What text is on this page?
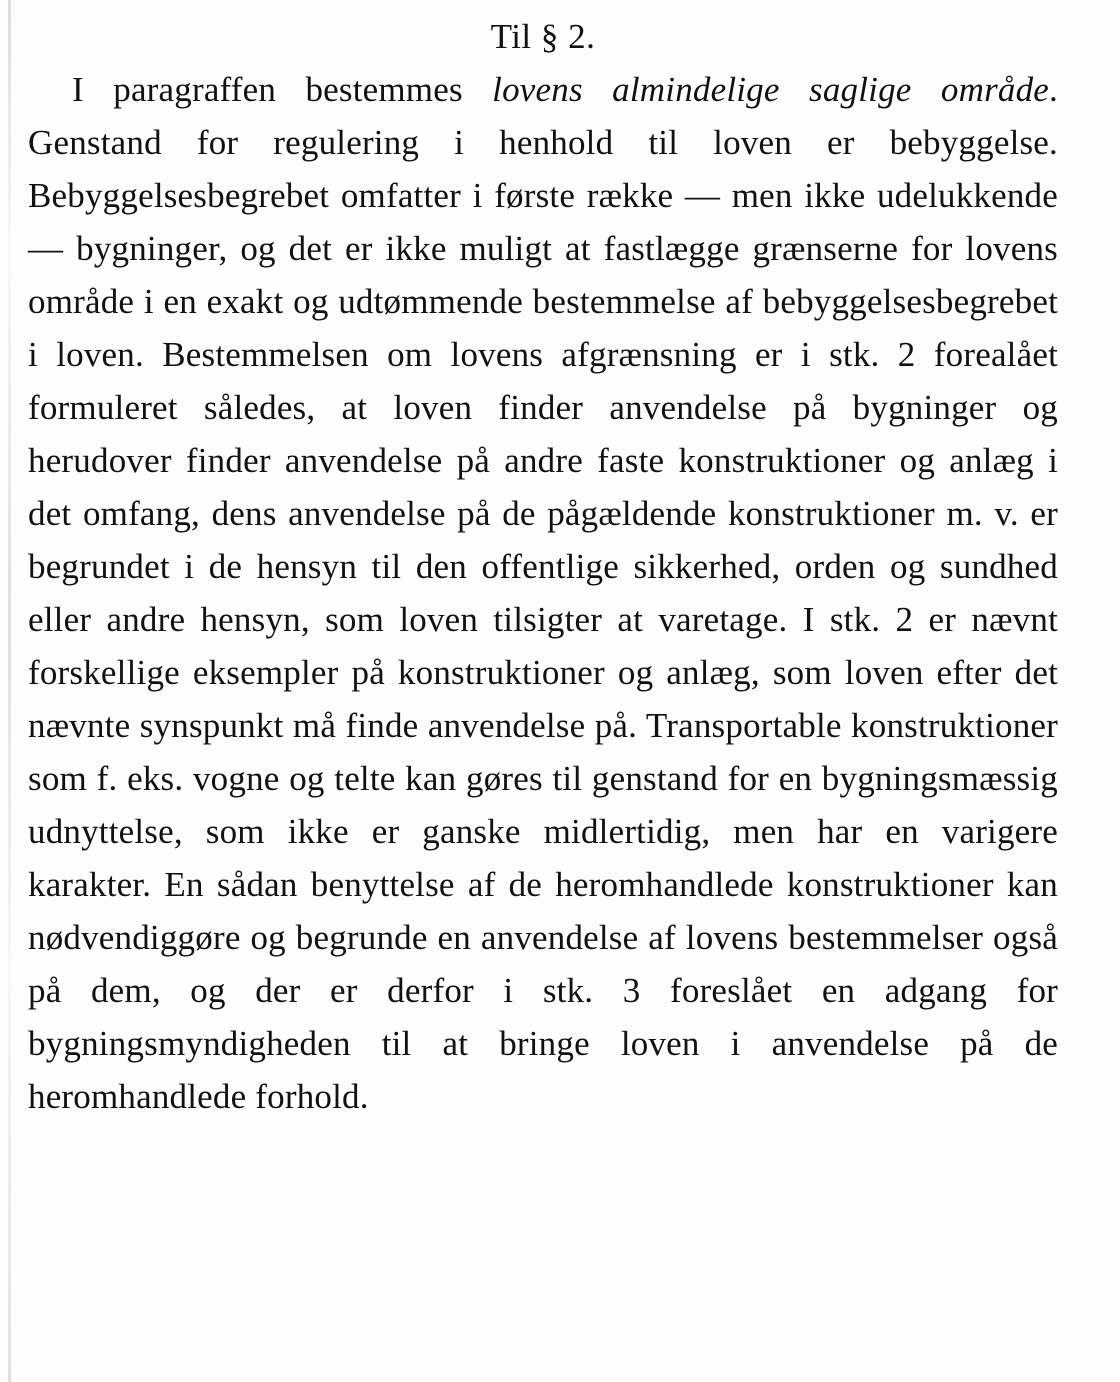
Til § 2.

I paragraffen bestemmes lovens almindelige saglige område. Genstand for regulering i henhold til loven er bebyggelse. Bebyggelsesbegrebet omfatter i første række — men ikke udelukkende — bygninger, og det er ikke muligt at fastlægge grænserne for lovens område i en exakt og udtømmende bestemmelse af bebyggelsesbegrebet i loven. Bestemmelsen om lovens afgrænsning er i stk. 2 forealået formuleret således, at loven finder anvendelse på bygninger og herudover finder anvendelse på andre faste konstruktioner og anlæg i det omfang, dens anvendelse på de pågældende konstruktioner m. v. er begrundet i de hensyn til den offentlige sikkerhed, orden og sundhed eller andre hensyn, som loven tilsigter at varetage. I stk. 2 er nævnt forskellige eksempler på konstruktioner og anlæg, som loven efter det nævnte synspunkt må finde anvendelse på. Transportable konstruktioner som f. eks. vogne og telte kan gøres til genstand for en bygningsmæssig udnyttelse, som ikke er ganske midlertidig, men har en varigere karakter. En sådan benyttelse af de heromhandlede konstruktioner kan nødvendiggøre og begrunde en anvendelse af lovens bestemmelser også på dem, og der er derfor i stk. 3 foreslået en adgang for bygningsmyndigheden til at bringe loven i anvendelse på de heromhandlede forhold.
